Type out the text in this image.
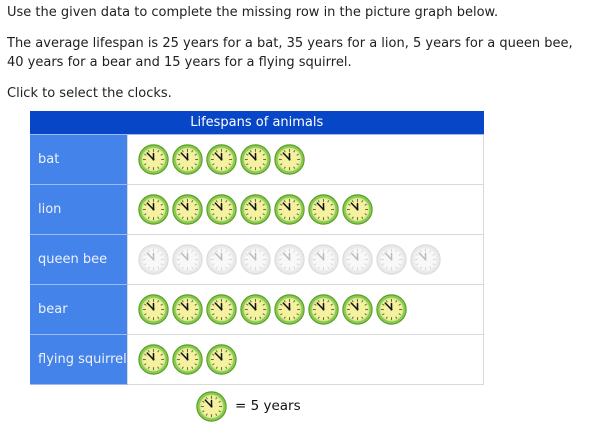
Use the given data to complete the missing row in the picture graph below.

The average lifespan is 25 years for a bat, 35 years for a lion, 5 years for a queen bee, 40 years for a bear and 15 years for a flying squirrel.

Click to select the clocks.

Lifespans of animals	
bat	
lion	
queen bee	
bear	
flying squirrel	
= 5 years
